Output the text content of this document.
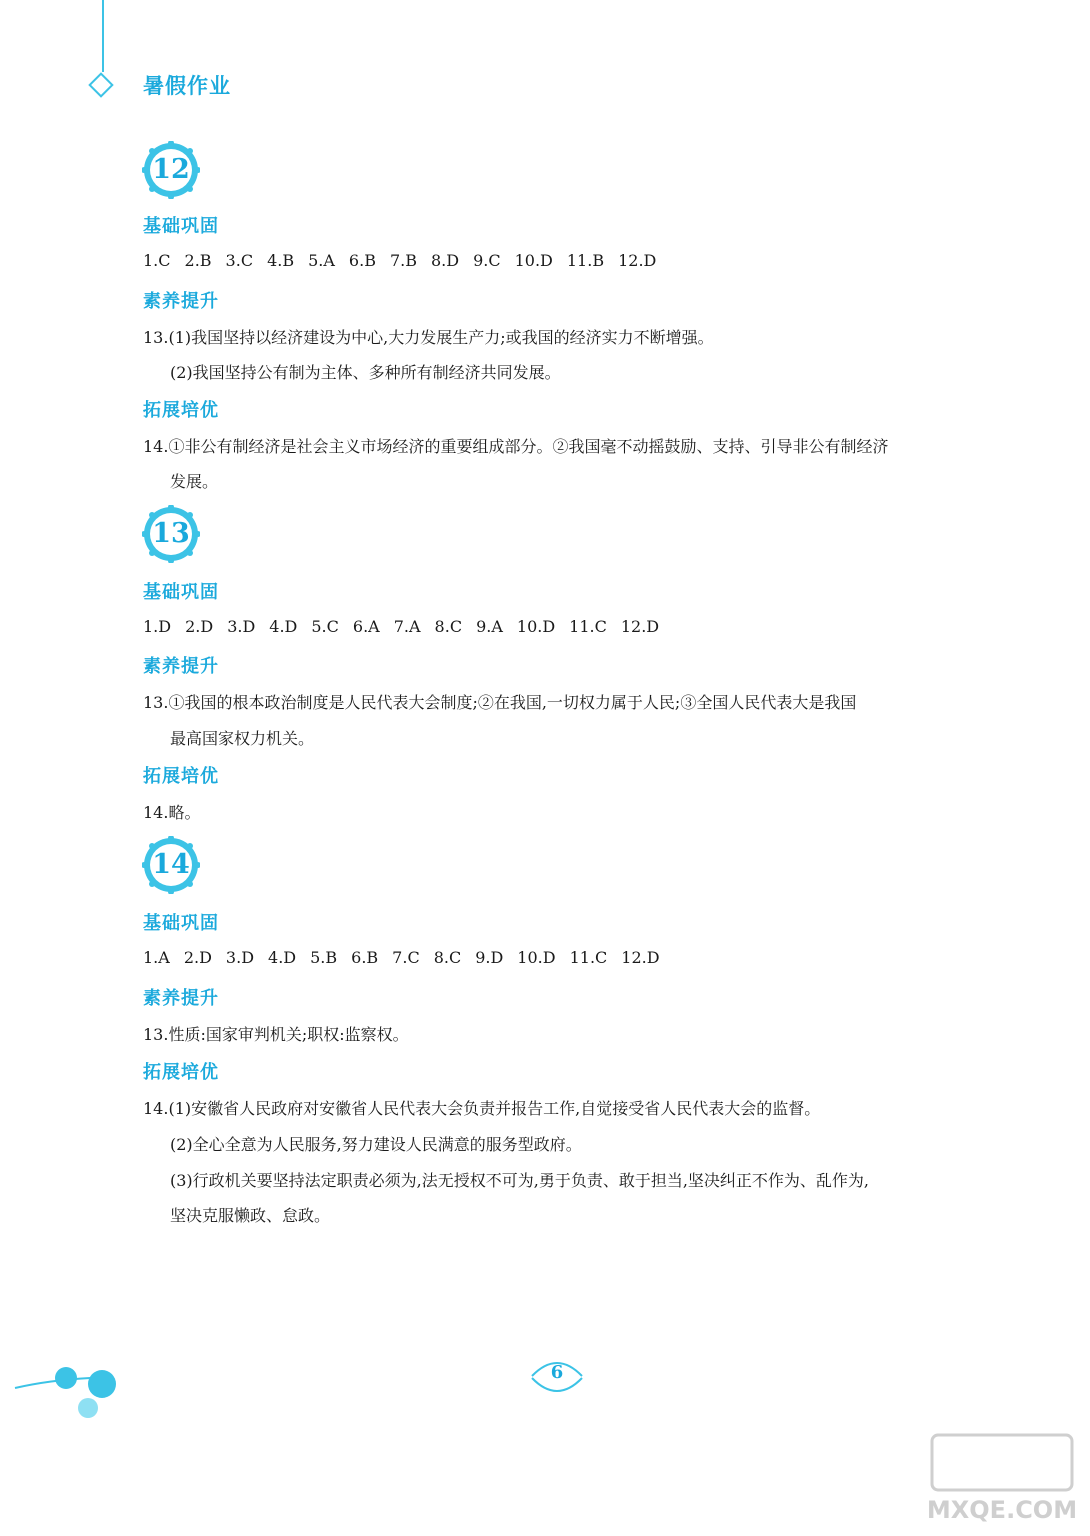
暑假作业
12
基础巩固
1.C 2.B 3.C 4.B 5.A 6.B 7.B 8.D 9.C 10.D 11.B 12.D
素养提升
13.(1)我国坚持以经济建设为中心,大力发展生产力;或我国的经济实力不断增强。
(2)我国坚持公有制为主体、多种所有制经济共同发展。
拓展培优
14.①非公有制经济是社会主义市场经济的重要组成部分。②我国毫不动摇鼓励、支持、引导非公有制经济
发展。
13
基础巩固
1.D 2.D 3.D 4.D 5.C 6.A 7.A 8.C 9.A 10.D 11.C 12.D
素养提升
13.①我国的根本政治制度是人民代表大会制度;②在我国,一切权力属于人民;③全国人民代表大是我国
最高国家权力机关。
拓展培优
14.略。
14
基础巩固
1.A 2.D 3.D 4.D 5.B 6.B 7.C 8.C 9.D 10.D 11.C 12.D
素养提升
13.性质:国家审判机关;职权:监察权。
拓展培优
14.(1)安徽省人民政府对安徽省人民代表大会负责并报告工作,自觉接受省人民代表大会的监督。
(2)全心全意为人民服务,努力建设人民满意的服务型政府。
(3)行政机关要坚持法定职责必须为,法无授权不可为,勇于负责、敢于担当,坚决纠正不作为、乱作为,
坚决克服懒政、怠政。
6
MXQE.COM
